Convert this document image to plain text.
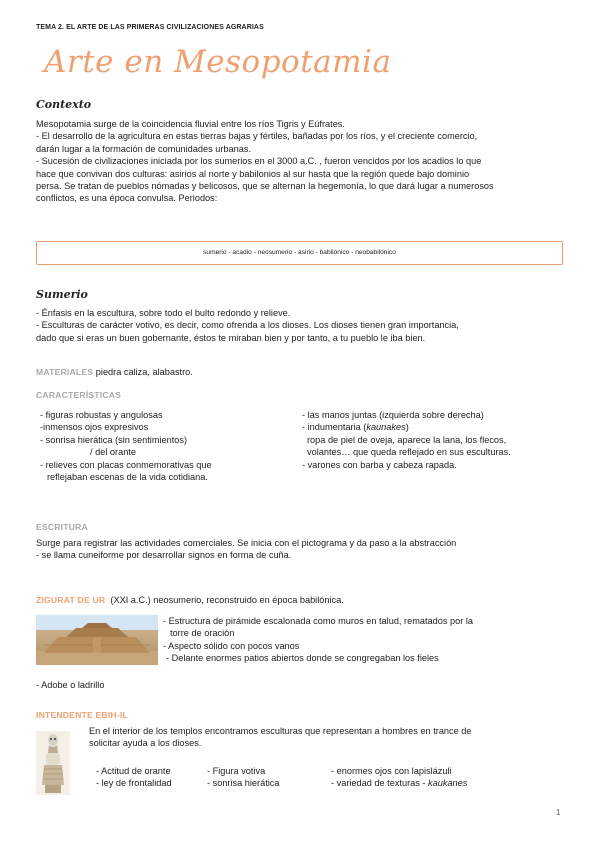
TEMA 2. EL ARTE DE LAS PRIMERAS CIVILIZACIONES AGRARIAS
Arte en Mesopotamia
Contexto
Mesopotamia surge de la coincidencia fluvial entre los ríos Tigris y Eúfrates.
- El desarrollo de la agricultura en estas tierras bajas y fértiles, bañadas por los ríos, y el creciente comercio,
darán lugar a la formación de comunidades urbanas.
- Sucesión de civilizaciones iniciada por los sumerios en el 3000 a.C. , fueron vencidos por los acadios lo que
hace que convivan dos culturas: asirios al norte y babilonios al sur hasta que la región quede bajo dominio
persa. Se tratan de pueblos nómadas y belicosos, que se alternan la hegemonía, lo que dará lugar a numerosos
conflictos, es una época convulsa. Periodos:
sumerio - acadio - neosumerio - asirio - babilónico - neobabilónico
Sumerio
- Énfasis en la escultura, sobre todo el bulto redondo y relieve.
- Esculturas de carácter votivo, es decir, como ofrenda a los dioses. Los dioses tienen gran importancia,
dado que si eras un buen gobernante, éstos te miraban bien y por tanto, a tu pueblo le iba bien.
MATERIALES piedra caliza, alabastro.
CARACTERÍSTICAS
- figuras robustas y angulosas
-inmensos ojos expresivos
- sonrisa hierática (sin sentimientos)
/ del orante
- relieves con placas conmemorativas que
reflejaban escenas de la vida cotidiana.
- las manos juntas (izquierda sobre derecha)
- indumentaria (kaunakes)
ropa de piel de oveja, aparece la lana, los flecos,
volantes… que queda reflejado en sus esculturas.
- varones con barba y cabeza rapada.
ESCRITURA
Surge para registrar las actividades comerciales. Se inicia con el pictograma y da paso a la abstracción
- se llama cuneiforme por desarrollar signos en forma de cuña.
ZIGURAT DE UR (XXI a.C.) neosumerio, reconstruido en época babilónica.
- Estructura de pirámide escalonada como muros en talud, rematados por la
torre de oración
- Aspecto sólido con pocos vanos
- Delante enormes patios abiertos donde se congregaban los fieles
- Adobe o ladrillo
INTENDENTE EBIH-IL
En el interior de los templos encontramos esculturas que representan a hombres en trance de
solicitar ayuda a los dioses.
- Actitud de orante
- ley de frontalidad
- Figura votiva
- sonrisa hierática
- enormes ojos con lapislázuli
- variedad de texturas - kaukanes
1
